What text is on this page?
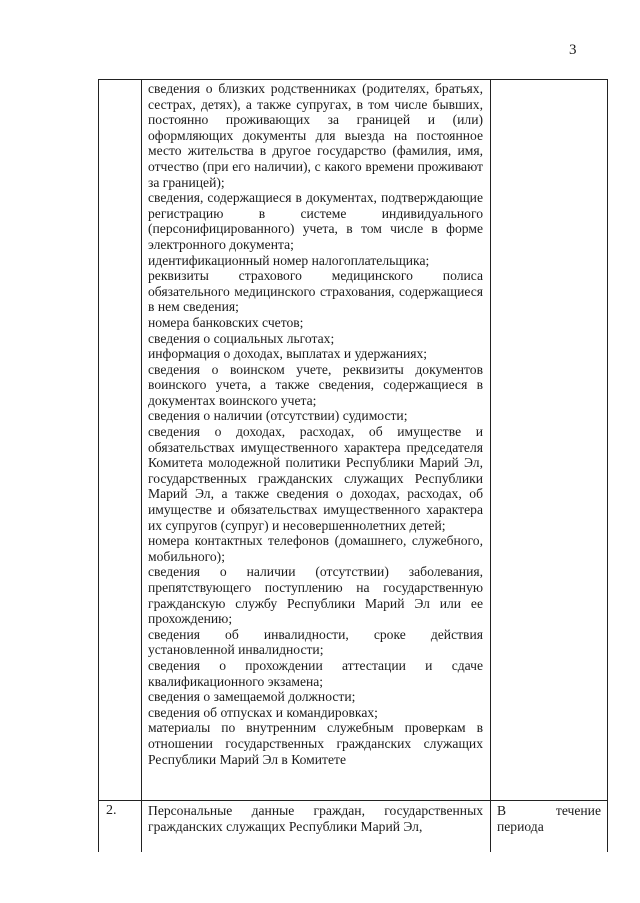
3
сведения о близких родственниках (родителях, братьях, сестрах, детях), а также супругах, в том числе бывших, постоянно проживающих за границей и (или) оформляющих документы для выезда на постоянное место жительства в другое государство (фамилия, имя, отчество (при его наличии), с какого времени проживают за границей);
сведения, содержащиеся в документах, подтверждающие регистрацию в системе индивидуального (персонифицированного) учета, в том числе в форме электронного документа;
идентификационный номер налогоплательщика;
реквизиты страхового медицинского полиса обязательного медицинского страхования, содержащиеся в нем сведения;
номера банковских счетов;
сведения о социальных льготах;
информация о доходах, выплатах и удержаниях;
сведения о воинском учете, реквизиты документов воинского учета, а также сведения, содержащиеся в документах воинского учета;
сведения о наличии (отсутствии) судимости;
сведения о доходах, расходах, об имуществе и обязательствах имущественного характера председателя Комитета молодежной политики Республики Марий Эл, государственных гражданских служащих Республики Марий Эл, а также сведения о доходах, расходах, об имуществе и обязательствах имущественного характера их супругов (супруг) и несовершеннолетних детей;
номера контактных телефонов (домашнего, служебного, мобильного);
сведения о наличии (отсутствии) заболевания, препятствующего поступлению на государственную гражданскую службу Республики Марий Эл или ее прохождению;
сведения об инвалидности, сроке действия установленной инвалидности;
сведения о прохождении аттестации и сдаче квалификационного экзамена;
сведения о замещаемой должности;
сведения об отпусках и командировках;
материалы по внутренним служебным проверкам в отношении государственных гражданских служащих Республики Марий Эл в Комитете
2. Персональные данные граждан, государственных гражданских служащих Республики Марий Эл,
В	течение
периода
